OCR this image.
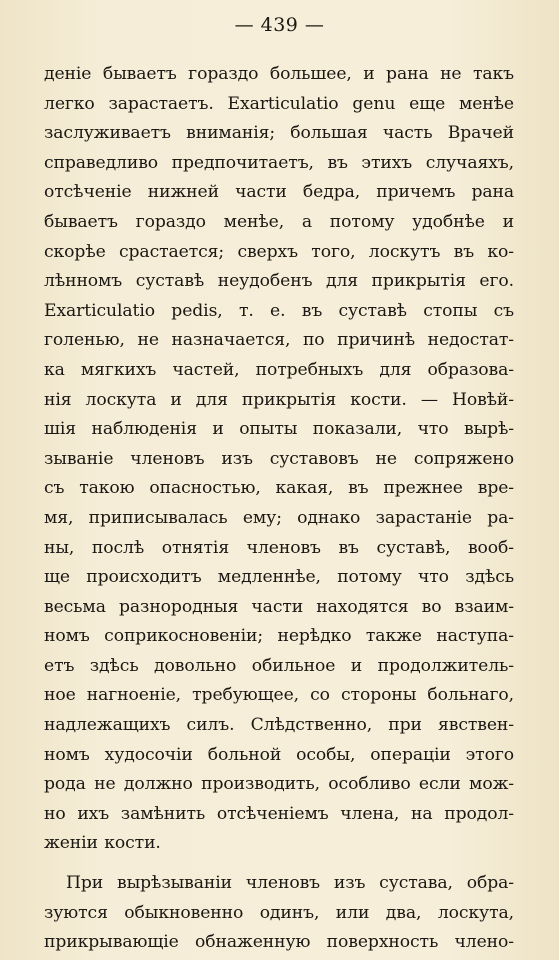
— 439 —
деніе бываетъ гораздо большее, и рана не такъ
легко зарастаетъ. Exarticulatio genu еще менѣе
заслуживаетъ вниманія; большая часть Врачей
справедливо предпочитаетъ, въ этихъ случаяхъ,
отсѣченіе нижней части бедра, причемъ рана
бываетъ гораздо менѣе, а потому удобнѣе и
скорѣе срастается; сверхъ того, лоскутъ въ ко-
лѣнномъ суставѣ неудобенъ для прикрытія его.
Exarticulatio pedis, т. е. въ суставѣ стопы съ
голенью, не назначается, по причинѣ недостат-
ка мягкихъ частей, потребныхъ для образова-
нія лоскута и для прикрытія кости. — Новѣй-
шія наблюденія и опыты показали, что вырѣ-
зываніе членовъ изъ суставовъ не сопряжено
съ такою опасностью, какая, въ прежнее вре-
мя, приписывалась ему; однако зарастаніе ра-
ны, послѣ отнятія членовъ въ суставѣ, вооб-
ще происходитъ медленнѣе, потому что здѣсь
весьма разнородныя части находятся во взаим-
номъ соприкосновеніи; нерѣдко также наступа-
етъ здѣсь довольно обильное и продолжитель-
ное нагноеніе, требующее, со стороны больнаго,
надлежащихъ силъ. Слѣдственно, при явствен-
номъ худосочіи больной особы, операціи этого
рода не должно производить, особливо если мож-
но ихъ замѣнить отсѣченіемъ члена, на продол-
женіи кости.
При вырѣзываніи членовъ изъ сустава, обра-
зуются обыкновенно одинъ, или два, лоскута,
прикрывающіе обнаженную поверхность члено-
